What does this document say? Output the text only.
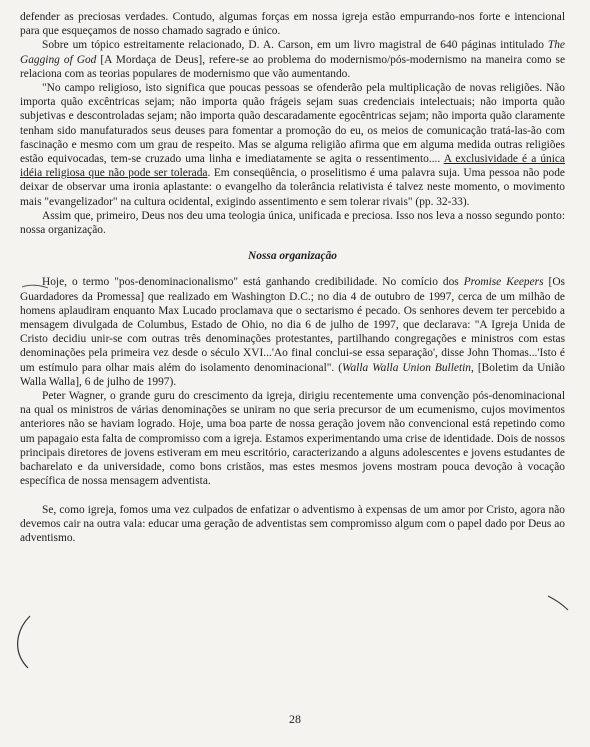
defender as preciosas verdades. Contudo, algumas forças em nossa igreja estão empurrando-nos forte e intencional para que esqueçamos de nosso chamado sagrado e único.

Sobre um tópico estreitamente relacionado, D. A. Carson, em um livro magistral de 640 páginas intitulado The Gagging of God [A Mordaça de Deus], refere-se ao problema do modernismo/pós-modernismo na maneira como se relaciona com as teorias populares de modernismo que vão aumentando.

"No campo religioso, isto significa que poucas pessoas se ofenderão pela multiplicação de novas religiões. Não importa quão excêntricas sejam; não importa quão frágeis sejam suas credenciais intelectuais; não importa quão subjetivas e descontroladas sejam; não importa quão descaradamente egocêntricas sejam; não importa quão claramente tenham sido manufaturados seus deuses para fomentar a promoção do eu, os meios de comunicação tratá-las-ão com fascinação e mesmo com um grau de respeito. Mas se alguma religião afirma que em alguma medida outras religiões estão equivocadas, tem-se cruzado uma linha e imediatamente se agita o ressentimento.... A exclusividade é a única idéia religiosa que não pode ser tolerada. Em conseqüência, o proselitismo é uma palavra suja. Uma pessoa não pode deixar de observar uma ironia aplastante: o evangelho da tolerância relativista é talvez neste momento, o movimento mais "evangelizador" na cultura ocidental, exigindo assentimento e sem tolerar rivais" (pp. 32-33).

Assim que, primeiro, Deus nos deu uma teologia única, unificada e preciosa. Isso nos leva a nosso segundo ponto: nossa organização.

Nossa organização

Hoje, o termo "pos-denominacionalismo" está ganhando credibilidade. No comício dos Promise Keepers [Os Guardadores da Promessa] que realizado em Washington D.C.; no dia 4 de outubro de 1997, cerca de um milhão de homens aplaudiram enquanto Max Lucado proclamava que o sectarismo é pecado. Os senhores devem ter percebido a mensagem divulgada de Columbus, Estado de Ohio, no dia 6 de julho de 1997, que declarava: "A Igreja Unida de Cristo decidiu unir-se com outras três denominações protestantes, partilhando congregações e ministros com estas denominações pela primeira vez desde o século XVI...'Ao final conclui-se essa separação', disse John Thomas...'Isto é um estímulo para olhar mais além do isolamento denominacional". (Walla Walla Union Bulletin, [Boletim da União Walla Walla], 6 de julho de 1997).

Peter Wagner, o grande guru do crescimento da igreja, dirigiu recentemente uma convenção pós-denominacional na qual os ministros de várias denominações se uniram no que seria precursor de um ecumenismo, cujos movimentos anteriores não se haviam logrado. Hoje, uma boa parte de nossa geração jovem não convencional está repetindo como um papagaio esta falta de compromisso com a igreja. Estamos experimentando uma crise de identidade. Dois de nossos principais diretores de jovens estiveram em meu escritório, caracterizando a alguns adolescentes e jovens estudantes de bacharelato e da universidade, como bons cristãos, mas estes mesmos jovens mostram pouca devoção à vocação específica de nossa mensagem adventista.

Se, como igreja, fomos uma vez culpados de enfatizar o adventismo à expensas de um amor por Cristo, agora não devemos cair na outra vala: educar uma geração de adventistas sem compromisso algum com o papel dado por Deus ao adventismo.

28
